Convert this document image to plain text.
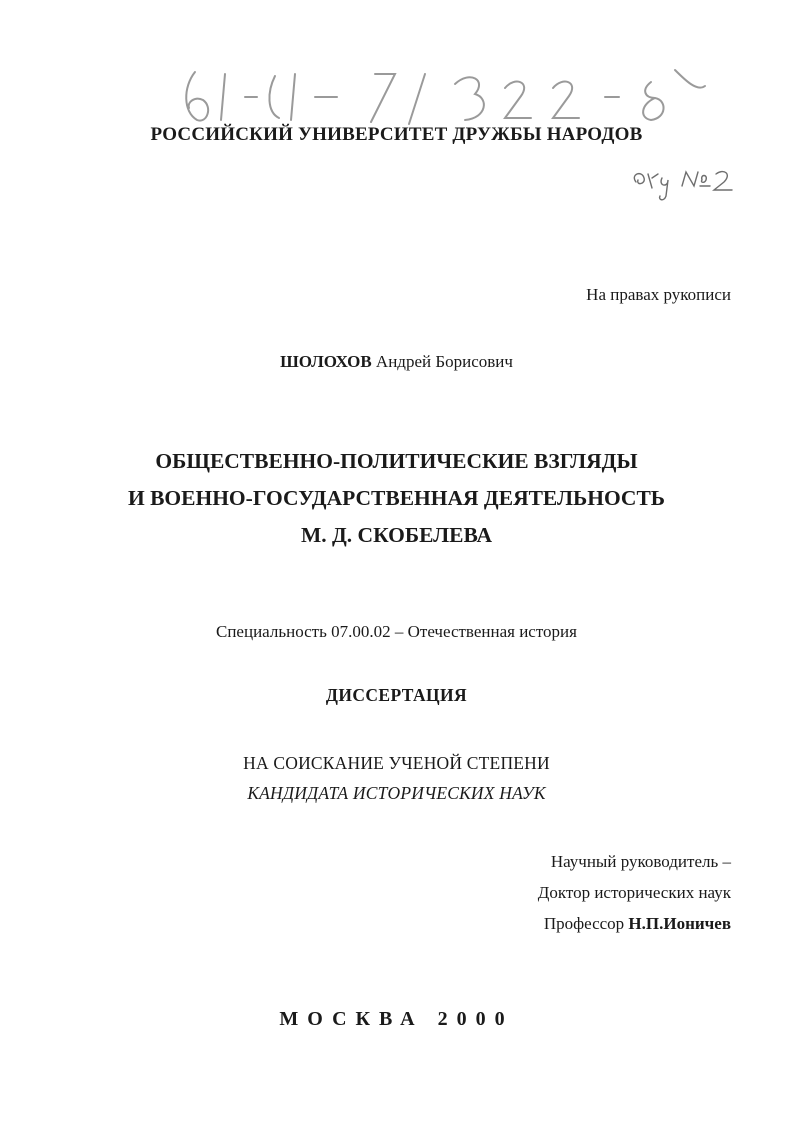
РОССИЙСКИЙ УНИВЕРСИТЕТ ДРУЖБЫ НАРОДОВ
На правах рукописи
ШОЛОХОВ Андрей Борисович
ОБЩЕСТВЕННО-ПОЛИТИЧЕСКИЕ ВЗГЛЯДЫ
И ВОЕННО-ГОСУДАРСТВЕННАЯ ДЕЯТЕЛЬНОСТЬ
М. Д. СКОБЕЛЕВА
Специальность 07.00.02 – Отечественная история
ДИССЕРТАЦИЯ
НА СОИСКАНИЕ УЧЕНОЙ СТЕПЕНИ
КАНДИДАТА ИСТОРИЧЕСКИХ НАУК
Научный руководитель –
Доктор исторических наук
Профессор Н.П.Ионичев
МОСКВА 2000
